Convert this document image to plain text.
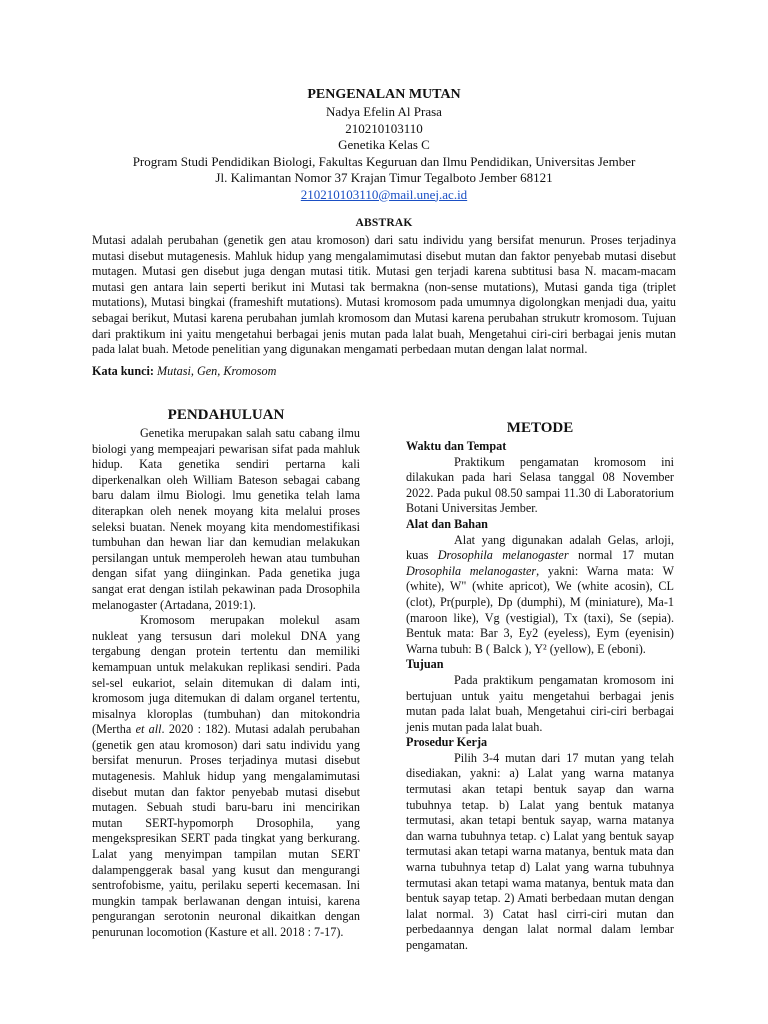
PENGENALAN MUTAN
Nadya Efelin Al Prasa
210210103110
Genetika Kelas C
Program Studi Pendidikan Biologi, Fakultas Keguruan dan Ilmu Pendidikan, Universitas Jember
Jl. Kalimantan Nomor 37 Krajan Timur Tegalboto Jember 68121
210210103110@mail.unej.ac.id
ABSTRAK
Mutasi adalah perubahan (genetik gen atau kromoson) dari satu individu yang bersifat menurun. Proses terjadinya mutasi disebut mutagenesis. Mahluk hidup yang mengalamimutasi disebut mutan dan faktor penyebab mutasi disebut mutagen. Mutasi gen disebut juga dengan mutasi titik. Mutasi gen terjadi karena subtitusi basa N. macam-macam mutasi gen antara lain seperti berikut ini Mutasi tak bermakna (non-sense mutations), Mutasi ganda tiga (triplet mutations), Mutasi bingkai (frameshift mutations). Mutasi kromosom pada umumnya digolongkan menjadi dua, yaitu sebagai berikut, Mutasi karena perubahan jumlah kromosom dan Mutasi karena perubahan strukutr kromosom. Tujuan dari praktikum ini yaitu mengetahui berbagai jenis mutan pada lalat buah, Mengetahui ciri-ciri berbagai jenis mutan pada lalat buah. Metode penelitian yang digunakan mengamati perbedaan mutan dengan lalat normal.
Kata kunci: Mutasi, Gen, Kromosom
PENDAHULUAN

Genetika merupakan salah satu cabang ilmu biologi yang mempeajari pewarisan sifat pada mahluk hidup. Kata genetika sendiri pertarna kali diperkenalkan oleh William Bateson sebagai cabang baru dalam ilmu Biologi. lmu genetika telah lama diterapkan oleh nenek moyang kita melalui proses seleksi buatan. Nenek moyang kita mendomestifikasi tumbuhan dan hewan liar dan kemudian melakukan persilangan untuk memperoleh hewan atau tumbuhan dengan sifat yang diinginkan. Pada genetika juga sangat erat dengan istilah pekawinan pada Drosophila melanogaster (Artadana, 2019:1).

Kromosom merupakan molekul asam nukleat yang tersusun dari molekul DNA yang tergabung dengan protein tertentu dan memiliki kemampuan untuk melakukan replikasi sendiri. Pada sel-sel eukariot, selain ditemukan di dalam inti, kromosom juga ditemukan di dalam organel tertentu, misalnya kloroplas (tumbuhan) dan mitokondria (Mertha et all. 2020 : 182). Mutasi adalah perubahan (genetik gen atau kromoson) dari satu individu yang bersifat menurun. Proses terjadinya mutasi disebut mutagenesis. Mahluk hidup yang mengalamimutasi disebut mutan dan faktor penyebab mutasi disebut mutagen. Sebuah studi baru-baru ini mencirikan mutan SERT-hypomorph Drosophila, yang mengekspresikan SERT pada tingkat yang berkurang. Lalat yang menyimpan tampilan mutan SERT dalampenggerak basal yang kusut dan mengurangi sentrofobisme, yaitu, perilaku seperti kecemasan. Ini mungkin tampak berlawanan dengan intuisi, karena pengurangan serotonin neuronal dikaitkan dengan penurunan locomotion (Kasture et all. 2018 : 7-17).

METODE

Waktu dan Tempat

Praktikum pengamatan kromosom ini dilakukan pada hari Selasa tanggal 08 November 2022. Pada pukul 08.50 sampai 11.30 di Laboratorium Botani Universitas Jember.

Alat dan Bahan

Alat yang digunakan adalah Gelas, arloji, kuas Drosophila melanogaster normal 17 mutan Drosophila melanogaster, yakni: Warna mata: W (white), W" (white apricot), We (white acosin), CL (clot), Pr(purple), Dp (dumphi), M (miniature), Ma-1 (maroon like), Vg (vestigial), Tx (taxi), Se (sepia). Bentuk mata: Bar 3, Ey2 (eyeless), Eym (eyenisin) Warna tubuh: B ( Balck ), Y² (yellow), E (eboni).

Tujuan

Pada praktikum pengamatan kromosom ini bertujuan untuk yaitu mengetahui berbagai jenis mutan pada lalat buah, Mengetahui ciri-ciri berbagai jenis mutan pada lalat buah.

Prosedur Kerja

Pilih 3-4 mutan dari 17 mutan yang telah disediakan, yakni: a) Lalat yang warna matanya termutasi akan tetapi bentuk sayap dan warna tubuhnya tetap. b) Lalat yang bentuk matanya termutasi, akan tetapi bentuk sayap, warna matanya dan warna tubuhnya tetap. c) Lalat yang bentuk sayap termutasi akan tetapi warna matanya, bentuk mata dan warna tubuhnya tetap d) Lalat yang warna tubuhnya termutasi akan tetapi wama matanya, bentuk mata dan bentuk sayap tetap. 2) Amati berbedaan mutan dengan lalat normal. 3) Catat hasl cirri-ciri mutan dan perbedaannya dengan lalat normal dalam lembar pengamatan.
